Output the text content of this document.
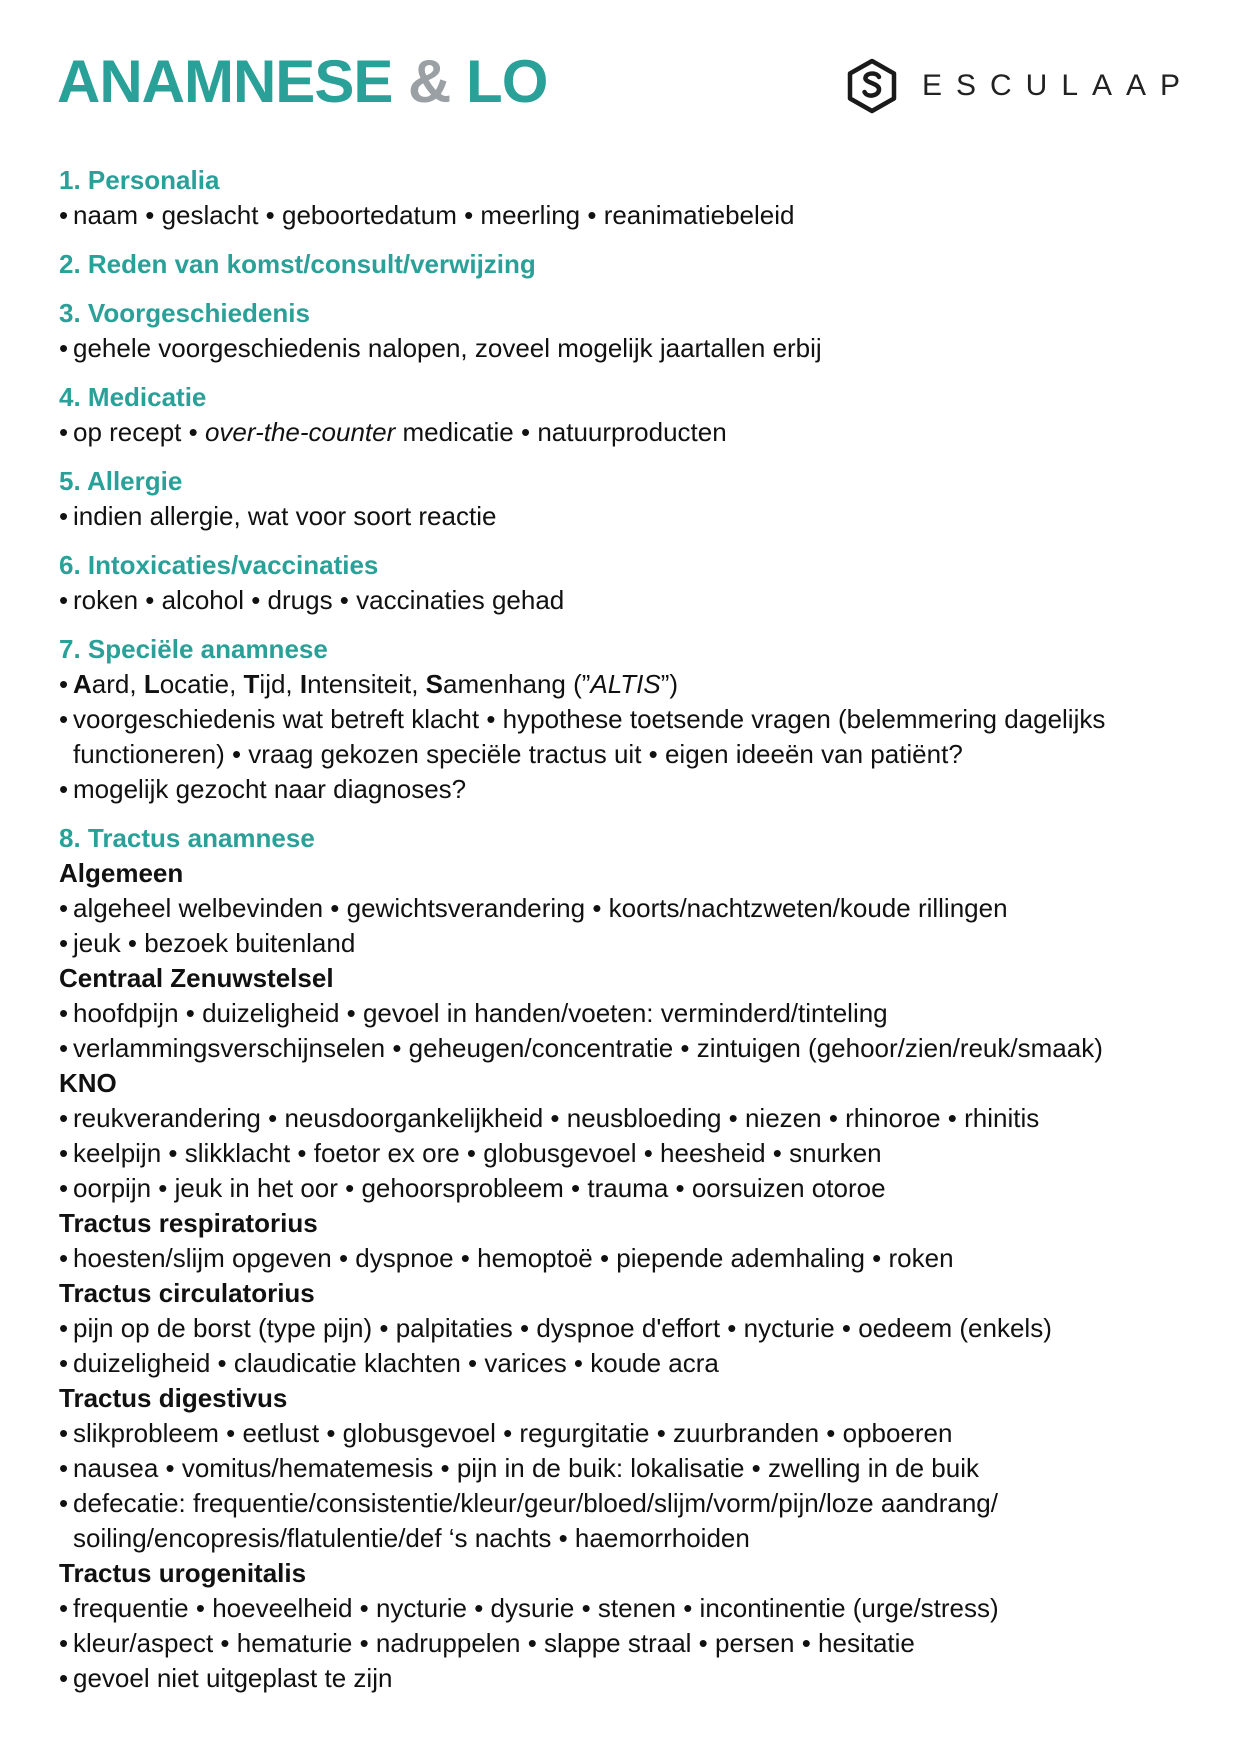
ANAMNESE & LO	ESCULAAP
1. Personalia
• naam • geslacht • geboortedatum • meerling • reanimatiebeleid
2. Reden van komst/consult/verwijzing
3. Voorgeschiedenis
• gehele voorgeschiedenis nalopen, zoveel mogelijk jaartallen erbij
4. Medicatie
• op recept • over-the-counter medicatie • natuurproducten
5. Allergie
• indien allergie, wat voor soort reactie
6. Intoxicaties/vaccinaties
• roken • alcohol • drugs • vaccinaties gehad
7. Speciële anamnese
• Aard, Locatie, Tijd, Intensiteit, Samenhang (”ALTIS”)
• voorgeschiedenis wat betreft klacht • hypothese toetsende vragen (belemmering dagelijks
functioneren) • vraag gekozen speciële tractus uit • eigen ideeën van patiënt?
• mogelijk gezocht naar diagnoses?
8. Tractus anamnese
Algemeen
• algeheel welbevinden • gewichtsverandering • koorts/nachtzweten/koude rillingen
• jeuk • bezoek buitenland
Centraal Zenuwstelsel
• hoofdpijn • duizeligheid • gevoel in handen/voeten: verminderd/tinteling
• verlammingsverschijnselen • geheugen/concentratie • zintuigen (gehoor/zien/reuk/smaak)
KNO
• reukverandering • neusdoorgankelijkheid • neusbloeding • niezen • rhinoroe • rhinitis
• keelpijn • slikklacht • foetor ex ore • globusgevoel • heesheid • snurken
• oorpijn • jeuk in het oor • gehoorsprobleem • trauma • oorsuizen otoroe
Tractus respiratorius
• hoesten/slijm opgeven • dyspnoe • hemoptoë • piepende ademhaling • roken
Tractus circulatorius
• pijn op de borst (type pijn) • palpitaties • dyspnoe d'effort • nycturie • oedeem (enkels)
• duizeligheid • claudicatie klachten • varices • koude acra
Tractus digestivus
• slikprobleem • eetlust • globusgevoel • regurgitatie • zuurbranden • opboeren
• nausea • vomitus/hematemesis • pijn in de buik: lokalisatie • zwelling in de buik
• defecatie: frequentie/consistentie/kleur/geur/bloed/slijm/vorm/pijn/loze aandrang/
soiling/encopresis/flatulentie/def ‘s nachts • haemorrhoiden
Tractus urogenitalis
• frequentie • hoeveelheid • nycturie • dysurie • stenen • incontinentie (urge/stress)
• kleur/aspect • hematurie • nadruppelen • slappe straal • persen • hesitatie
• gevoel niet uitgeplast te zijn
